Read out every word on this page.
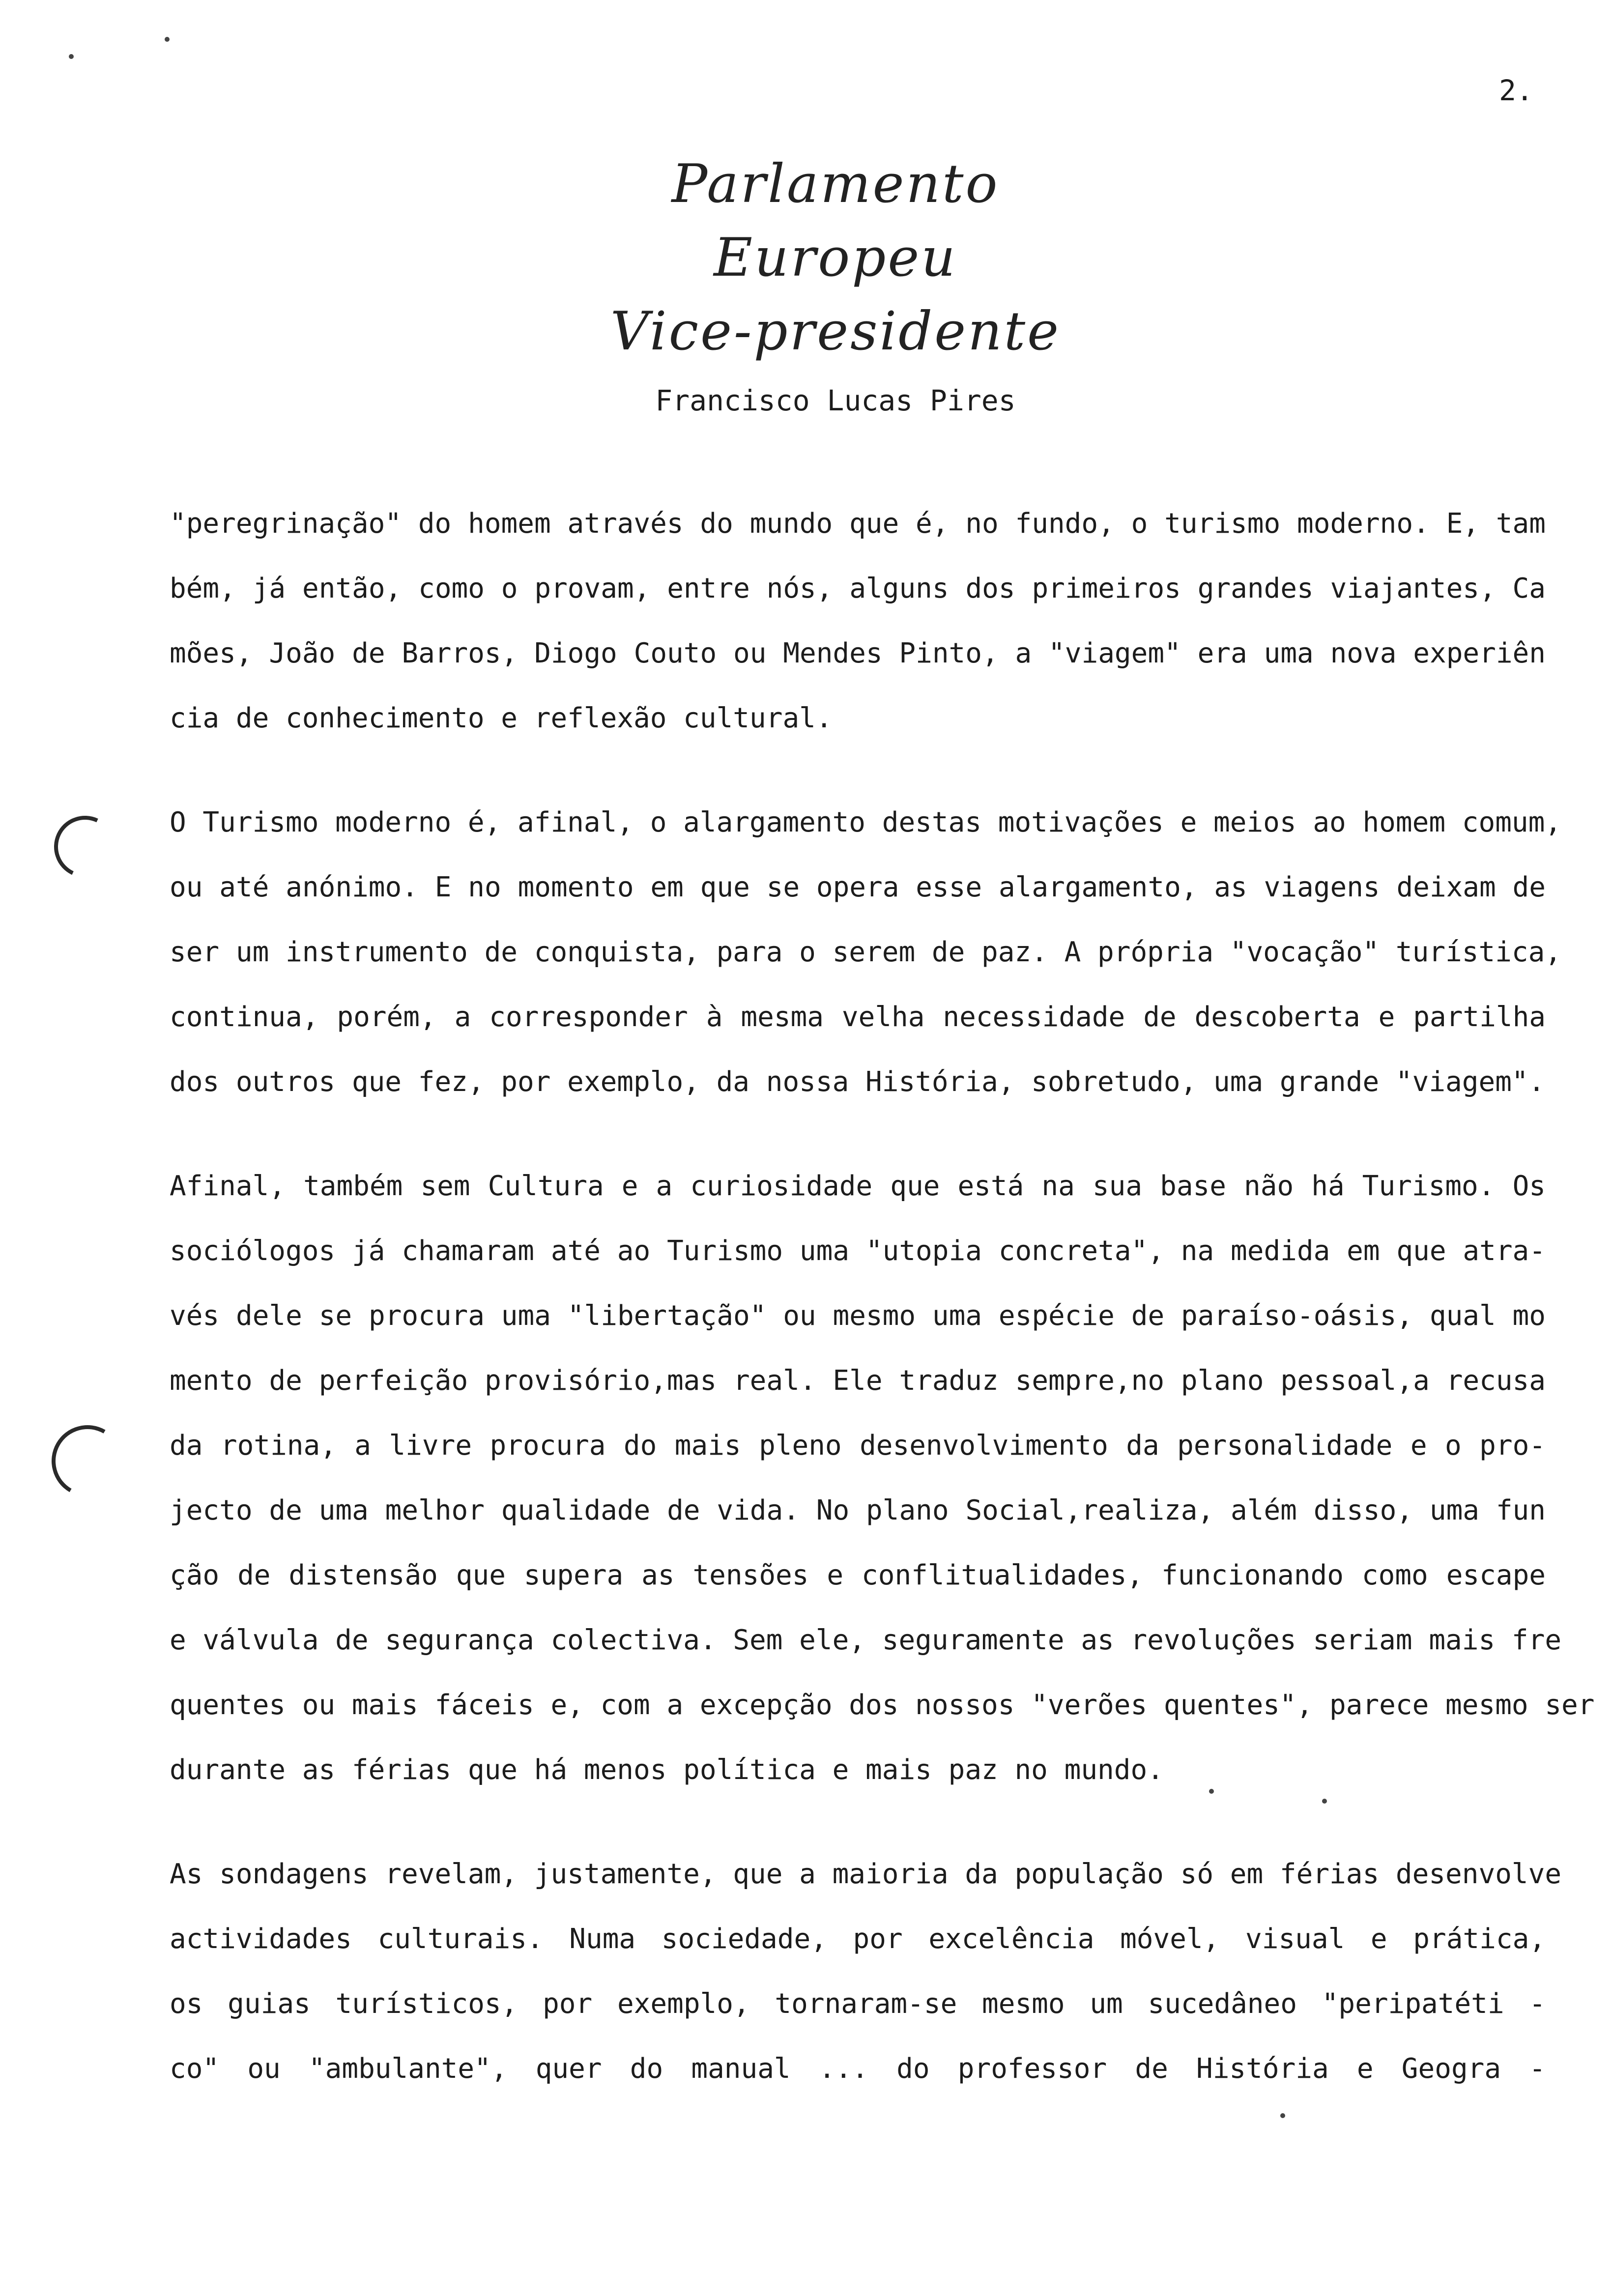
2.
Parlamento Europeu
Vice-presidente
Francisco Lucas Pires
"peregrinação" do homem através do mundo que é, no fundo, o turismo moderno. E, tam
bém, já então, como o provam, entre nós, alguns dos primeiros grandes viajantes, Ca
mões, João de Barros, Diogo Couto ou Mendes Pinto, a "viagem" era uma nova experiên
cia de conhecimento e reflexão cultural.
O Turismo moderno é, afinal, o alargamento destas motivações e meios ao homem comum,
ou até anónimo. E no momento em que se opera esse alargamento, as viagens deixam de
ser um instrumento de conquista, para o serem de paz. A própria "vocação" turística,
continua, porém, a corresponder à mesma velha necessidade de descoberta e partilha
dos outros que fez, por exemplo, da nossa História, sobretudo, uma grande "viagem".
Afinal, também sem Cultura e a curiosidade que está na sua base não há Turismo. Os
sociólogos já chamaram até ao Turismo uma "utopia concreta", na medida em que atra-
vés dele se procura uma "libertação" ou mesmo uma espécie de paraíso-oásis, qual mo
mento de perfeição provisório,mas real. Ele traduz sempre,no plano pessoal,a recusa
da rotina, a livre procura do mais pleno desenvolvimento da personalidade e o pro-
jecto de uma melhor qualidade de vida. No plano Social,realiza, além disso, uma fun
ção de distensão que supera as tensões e conflitualidades, funcionando como escape
e válvula de segurança colectiva. Sem ele, seguramente as revoluções seriam mais fre
quentes ou mais fáceis e, com a excepção dos nossos "verões quentes", parece mesmo ser
durante as férias que há menos política e mais paz no mundo.
As sondagens revelam, justamente, que a maioria da população só em férias desenvolve
actividades culturais. Numa sociedade, por excelência móvel, visual e prática,
os guias turísticos, por exemplo, tornaram-se mesmo um sucedâneo "peripatéti -
co" ou "ambulante", quer do manual ... do professor de História e Geogra -
